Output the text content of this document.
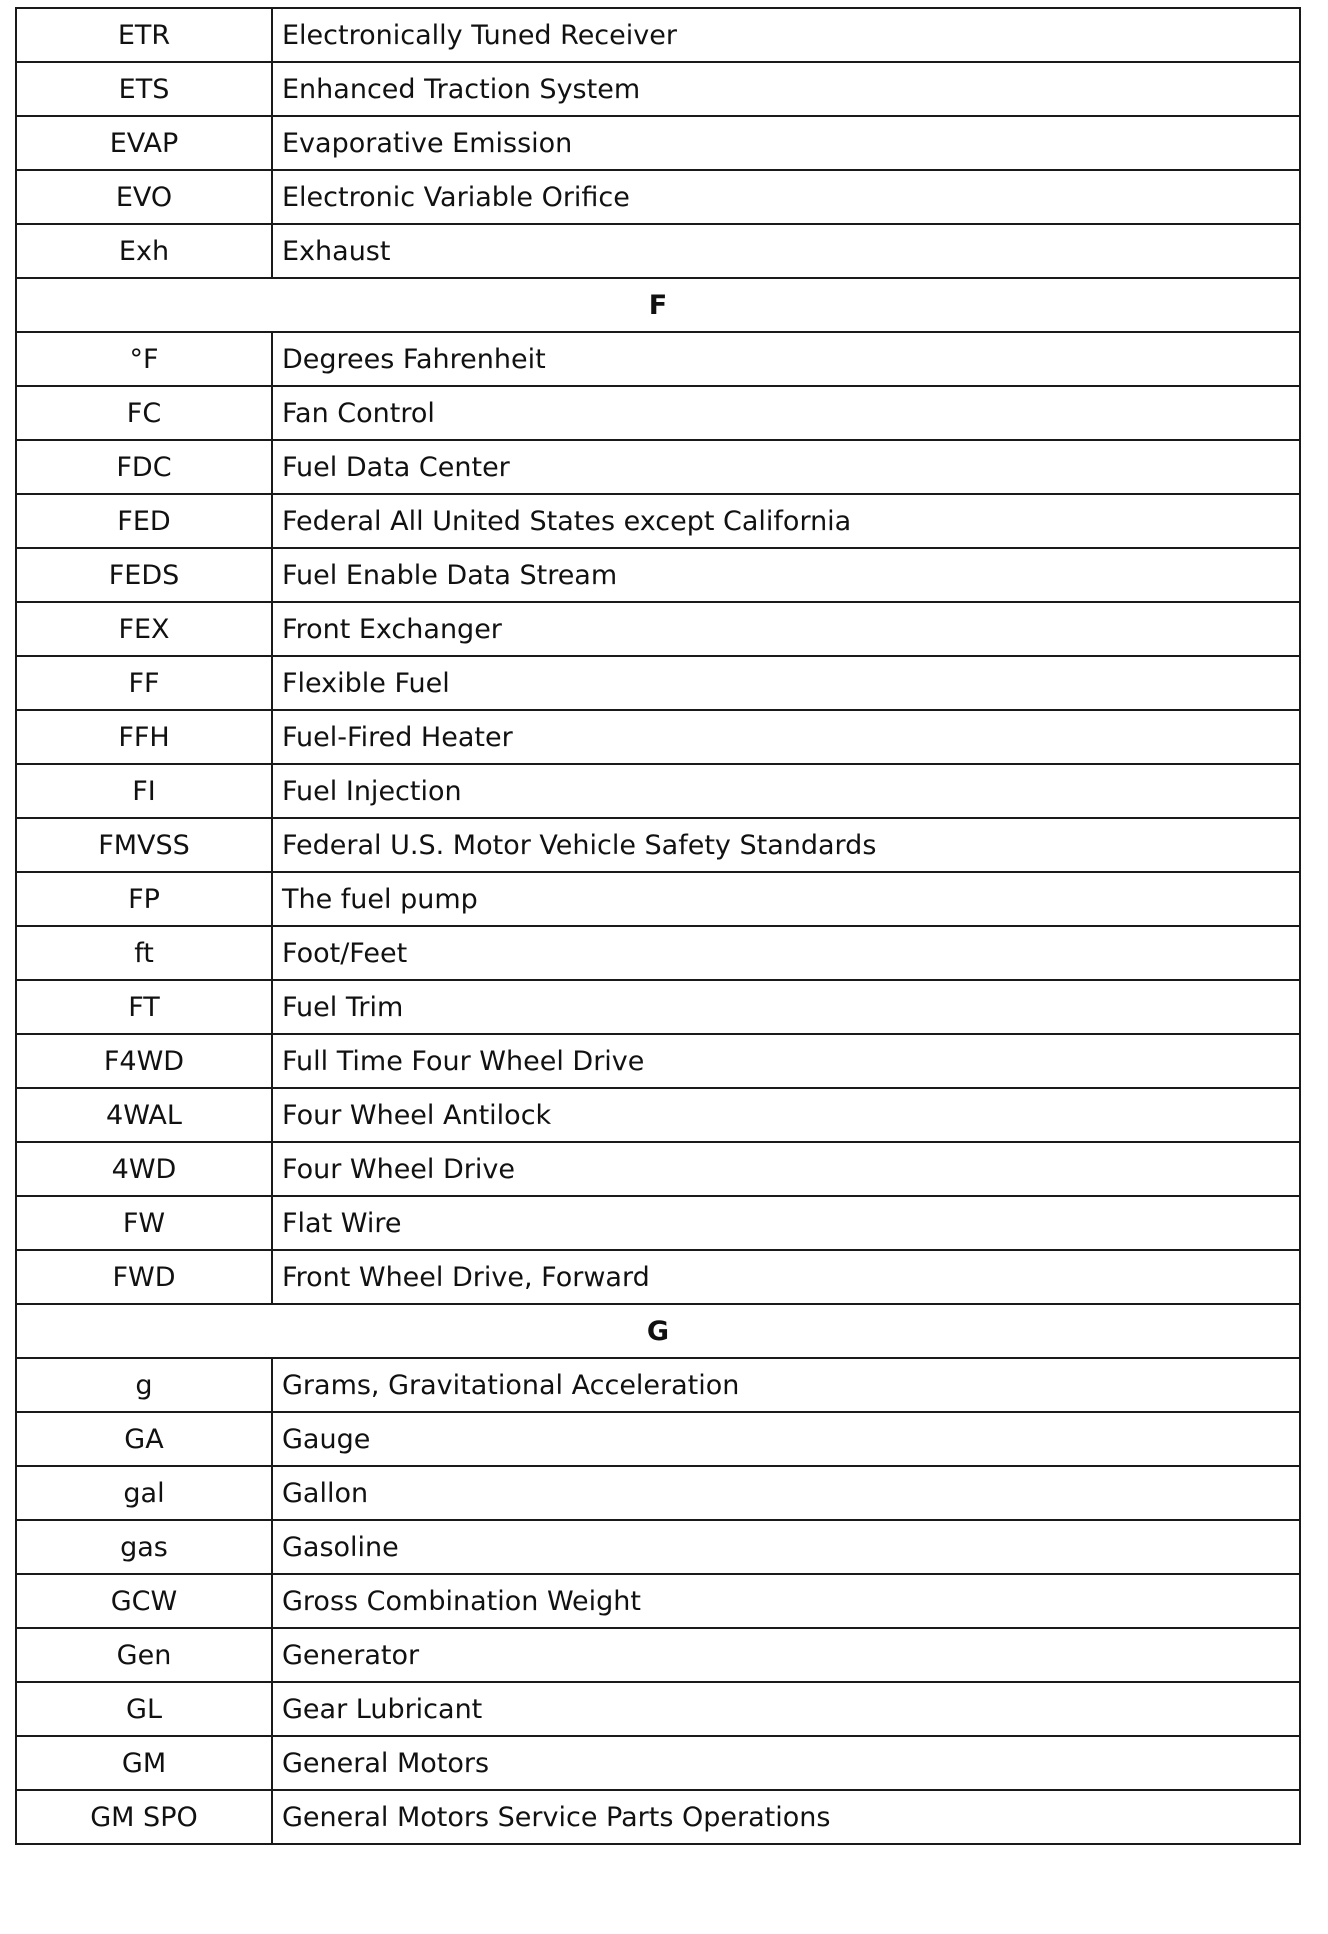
ETR	Electronically Tuned Receiver
ETS	Enhanced Traction System
EVAP	Evaporative Emission
EVO	Electronic Variable Orifice
Exh	Exhaust
F	
°F	Degrees Fahrenheit
FC	Fan Control
FDC	Fuel Data Center
FED	Federal All United States except California
FEDS	Fuel Enable Data Stream
FEX	Front Exchanger
FF	Flexible Fuel
FFH	Fuel-Fired Heater
FI	Fuel Injection
FMVSS	Federal U.S. Motor Vehicle Safety Standards
FP	The fuel pump
ft	Foot/Feet
FT	Fuel Trim
F4WD	Full Time Four Wheel Drive
4WAL	Four Wheel Antilock
4WD	Four Wheel Drive
FW	Flat Wire
FWD	Front Wheel Drive, Forward
G	
g	Grams, Gravitational Acceleration
GA	Gauge
gal	Gallon
gas	Gasoline
GCW	Gross Combination Weight
Gen	Generator
GL	Gear Lubricant
GM	General Motors
GM SPO	General Motors Service Parts Operations
